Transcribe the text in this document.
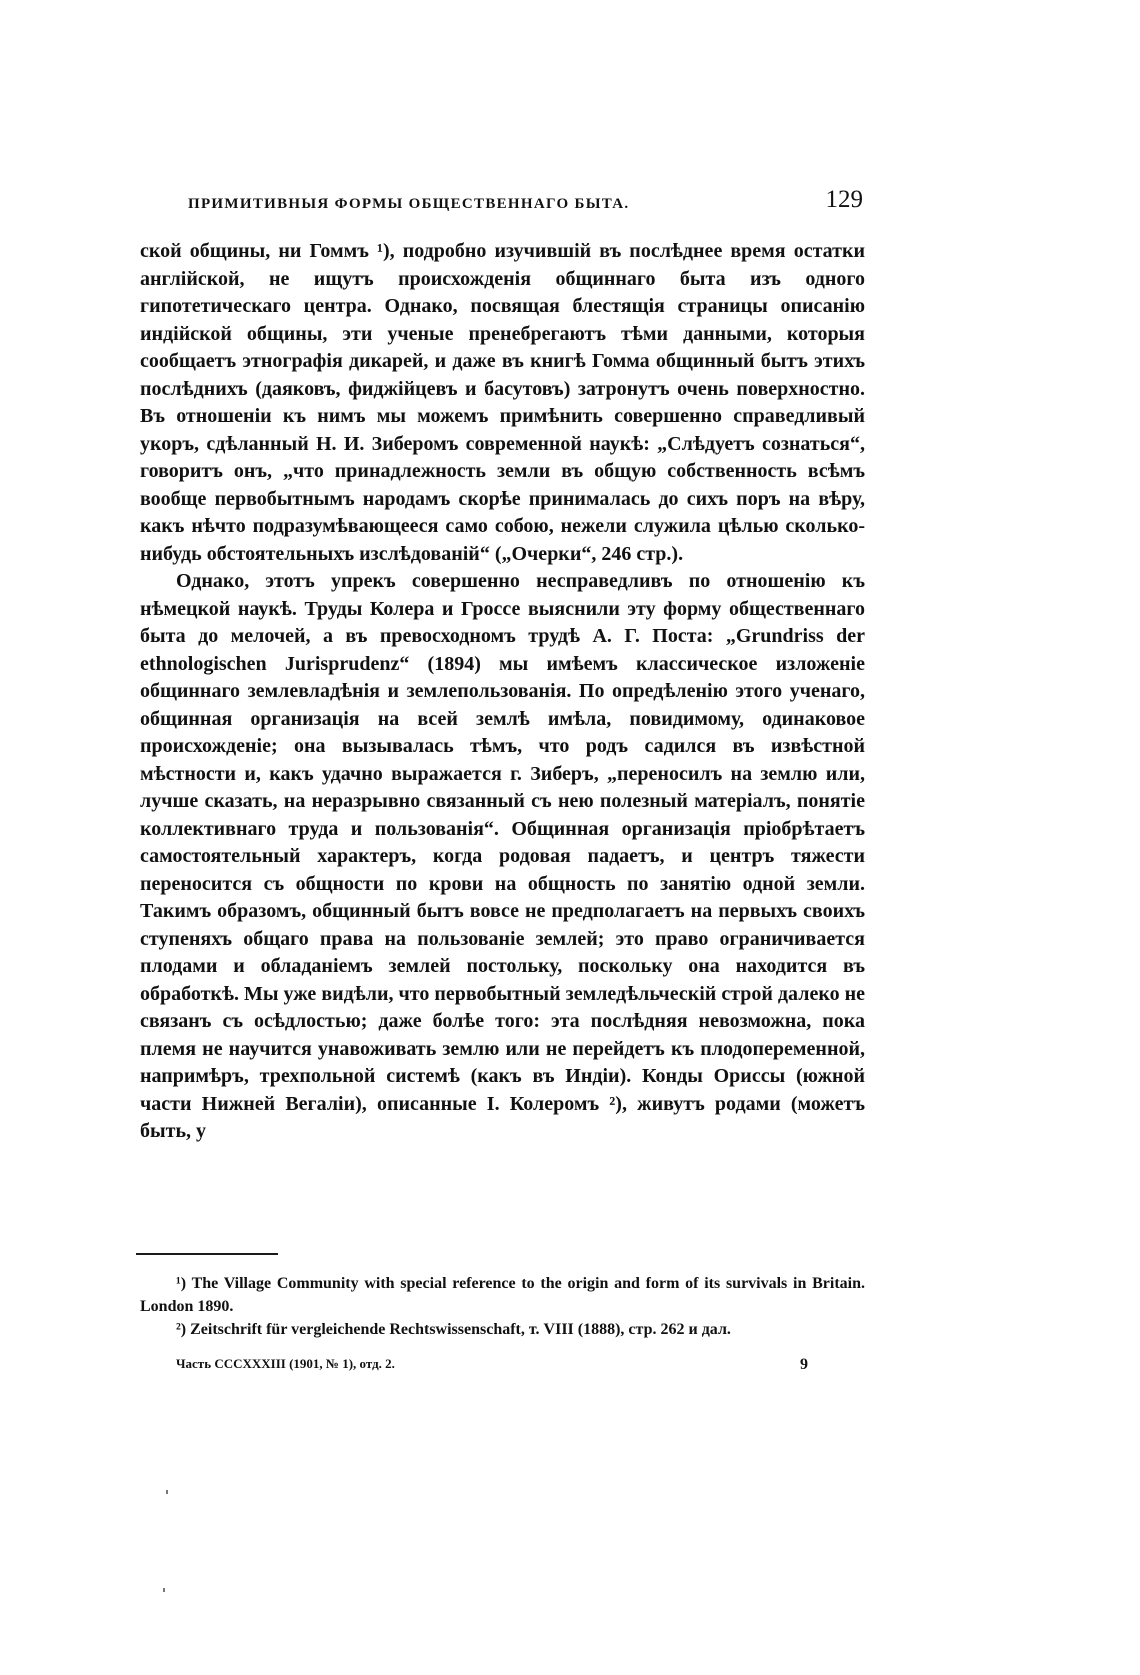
ПРИМИТИВНЫЯ ФОРМЫ ОБЩЕСТВЕННАГО БЫТА.	129

ской общины, ни Гоммъ ¹), подробно изучившій въ послѣднее время остатки англійской, не ищутъ происхожденія общиннаго быта изъ одного гипотетическаго центра. Однако, посвящая блестящія страницы описанію индійской общины, эти ученые пренебрегаютъ тѣми данными, которыя сообщаетъ этнографія дикарей, и даже въ книгѣ Гомма общинный бытъ этихъ послѣднихъ (даяковъ, фиджійцевъ и басутовъ) затронутъ очень поверхностно. Въ отношеніи къ нимъ мы можемъ примѣнить совершенно справедливый укоръ, сдѣланный Н. И. Зиберомъ современной наукѣ: „Слѣдуетъ сознаться“, говоритъ онъ, „что принадлежность земли въ общую собственность всѣмъ вообще первобытнымъ народамъ скорѣе принималась до сихъ поръ на вѣру, какъ нѣчто подразумѣвающееся само собою, нежели служила цѣлью сколько-нибудь обстоятельныхъ изслѣдованій“ („Очерки“, 246 стр.).

Однако, этотъ упрекъ совершенно несправедливъ по отношенію къ нѣмецкой наукѣ. Труды Колера и Гроссе выяснили эту форму общественнаго быта до мелочей, а въ превосходномъ трудѣ А. Г. Поста: „Grundriss der ethnologischen Jurisprudenz“ (1894) мы имѣемъ классическое изложеніе общиннаго землевладѣнія и землепользованія. По опредѣленію этого ученаго, общинная организація на всей землѣ имѣла, повидимому, одинаковое происхожденіе; она вызывалась тѣмъ, что родъ садился въ извѣстной мѣстности и, какъ удачно выражается г. Зиберъ, „переносилъ на землю или, лучше сказать, на неразрывно связанный съ нею полезный матеріалъ, понятіе коллективнаго труда и пользованія“. Общинная организація пріобрѣтаетъ самостоятельный характеръ, когда родовая падаетъ, и центръ тяжести переносится съ общности по крови на общность по занятію одной земли. Такимъ образомъ, общинный бытъ вовсе не предполагаетъ на первыхъ своихъ ступеняхъ общаго права на пользованіе землей; это право ограничивается плодами и обладаніемъ землей постольку, поскольку она находится въ обработкѣ. Мы уже видѣли, что первобытный земледѣльческій строй далеко не связанъ съ осѣдлостью; даже болѣе того: эта послѣдняя невозможна, пока племя не научится унавоживать землю или не перейдетъ къ плодопеременной, напримѣръ, трехпольной системѣ (какъ въ Индіи). Конды Ориссы (южной части Нижней Вегаліи), описанные І. Колеромъ ²), живутъ родами (можетъ быть, у

¹) The Village Community with special reference to the origin and form of its survivals in Britain. London 1890.

²) Zeitschrift für vergleichende Rechtswissenschaft, т. VIII (1888), стр. 262 и дал.

Часть CCCXXXIII (1901, № 1), отд. 2.	9
